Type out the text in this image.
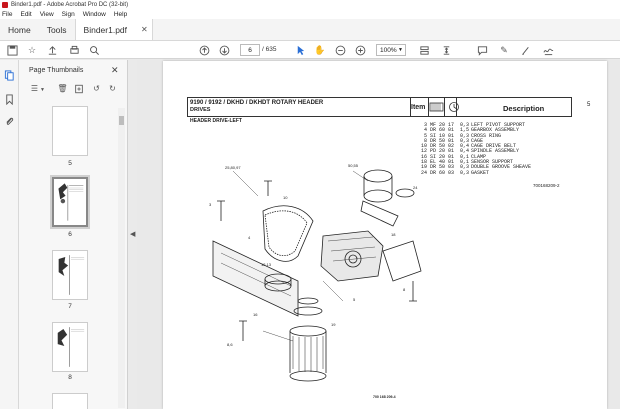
Binder1.pdf - Adobe Acrobat Pro DC (32-bit)
File Edit View Sign Window Help
Home	Tools	Binder1.pdf ✕
☆	6	/ 635	✋	100% ▼	✎
Page Thumbnails	✕
☰ ▼	🗑	↺ ↻
5
6
7
8
◀
9190 / 9192 / DKHD / DKHDT ROTARY HEADER
DRIVES	Item	Description	5
HEADER DRIVE-LEFT
3 MF 20 17 0,3 LEFT PIVOT SUPPORT
4 DR 60 01 1,5 GEARBOX ASSEMBLY
5 SI 10 01 0,3 CROSS RING
8 DR 50 01 0,3 CAGE
10 DR 50 02 0,4 CAGE DRIVE BELT
12 PD 20 01 0,4 SPINDLE ASSEMBLY
16 SI 20 01 0,1 CLAMP
18 EL 40 01 0,1 SENSOR SUPPORT
19 DR 50 03 0,3 DOUBLE GROOVE SHEAVE
24 DR 60 03 0,3 GASKET
700168209-2
25,80,97
3
4
5
8
10
12,13
16
18
19
24
50,55
8,6
700 168 209-4
